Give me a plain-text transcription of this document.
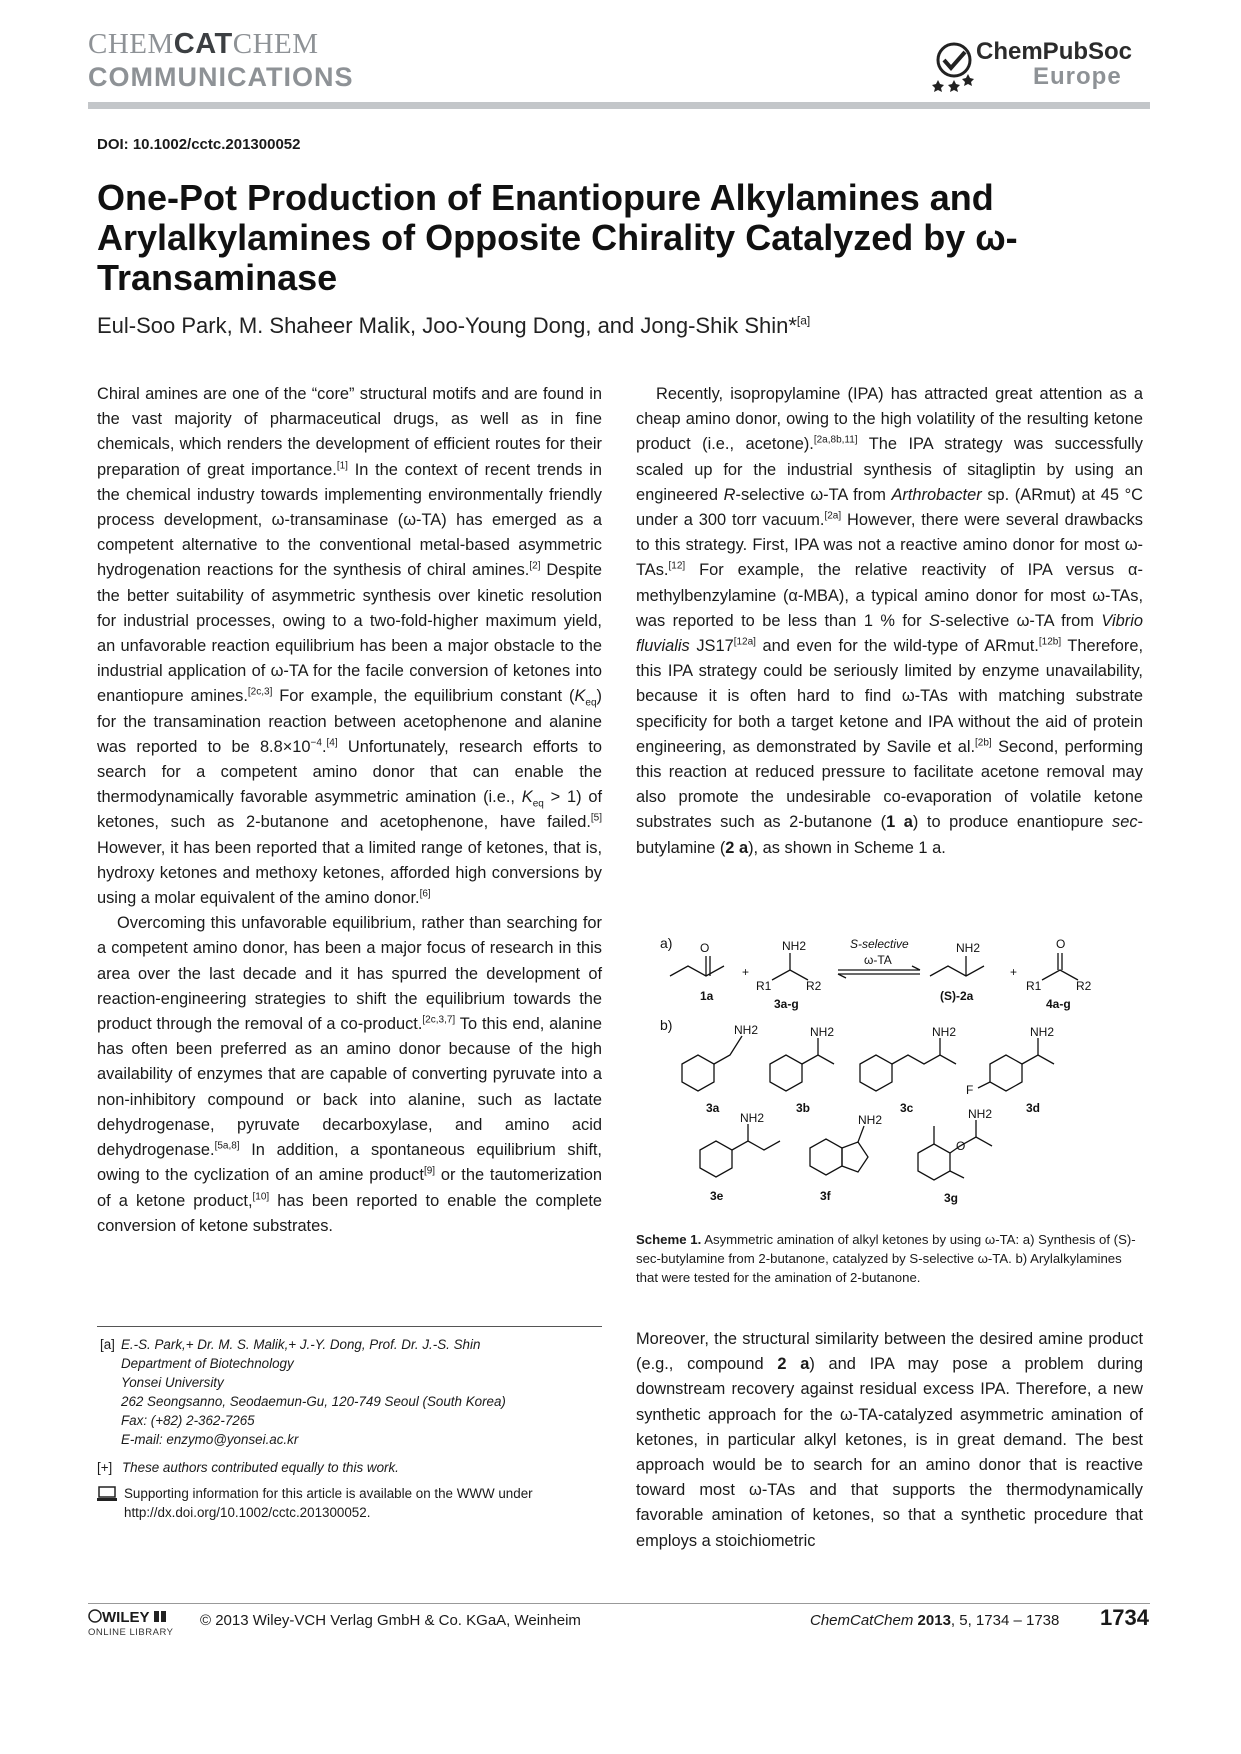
CHEMCATCHEM
COMMUNICATIONS
ChemPubSoc
Europe
DOI: 10.1002/cctc.201300052
One-Pot Production of Enantiopure Alkylamines and Arylalkylamines of Opposite Chirality Catalyzed by ω-Transaminase
Eul-Soo Park, M. Shaheer Malik, Joo-Young Dong, and Jong-Shik Shin*[a]

Chiral amines are one of the “core” structural motifs and are found in the vast majority of pharmaceutical drugs, as well as in fine chemicals, which renders the development of efficient routes for their preparation of great importance.[1] In the context of recent trends in the chemical industry towards implementing environmentally friendly process development, ω-transaminase (ω-TA) has emerged as a competent alternative to the conventional metal-based asymmetric hydrogenation reactions for the synthesis of chiral amines.[2] Despite the better suitability of asymmetric synthesis over kinetic resolution for industrial processes, owing to a two-fold-higher maximum yield, an unfavorable reaction equilibrium has been a major obstacle to the industrial application of ω-TA for the facile conversion of ketones into enantiopure amines.[2c,3] For example, the equilibrium constant $(K_{eq})$ for the transamination reaction between acetophenone and alanine was reported to be $8.8\times 10^{-4}.[4]$ Unfortunately, research efforts to search for a competent amino donor that can enable the thermodynamically favorable asymmetric amination (i.e., $K_{eq} > 1$) of ketones, such as 2-butanone and acetophenone, have failed.[5] However, it has been reported that a limited range of ketones, that is, hydroxy ketones and methoxy ketones, afforded high conversions by using a molar equivalent of the amino donor.[6]

Overcoming this unfavorable equilibrium, rather than searching for a competent amino donor, has been a major focus of research in this area over the last decade and it has spurred the development of reaction-engineering strategies to shift the equilibrium towards the product through the removal of a co-product.[2c,3,7] To this end, alanine has often been preferred as an amino donor because of the high availability of enzymes that are capable of converting pyruvate into a non-inhibitory compound or back into alanine, such as lactate dehydrogenase, pyruvate decarboxylase, and amino acid dehydrogenase.[5a,8] In addition, a spontaneous equilibrium shift, owing to the cyclization of an amine product[9] or the tautomerization of a ketone product,[10] has been reported to enable the complete conversion of ketone substrates.

Recently, isopropylamine (IPA) has attracted great attention as a cheap amino donor, owing to the high volatility of the resulting ketone product (i.e., acetone).[2a,8b,11] The IPA strategy was successfully scaled up for the industrial synthesis of sitagliptin by using an engineered R-selective ω-TA from Arthrobacter sp. (ARmut) at 45 °C under a 300 torr vacuum.[2a] However, there were several drawbacks to this strategy. First, IPA was not a reactive amino donor for most ω-TAs.[12] For example, the relative reactivity of IPA versus α-methylbenzylamine (α-MBA), a typical amino donor for most ω-TAs, was reported to be less than 1 % for S-selective ω-TA from Vibrio fluvialis JS17[12a] and even for the wild-type of ARmut.[12b] Therefore, this IPA strategy could be seriously limited by enzyme unavailability, because it is often hard to find ω-TAs with matching substrate specificity for both a target ketone and IPA without the aid of protein engineering, as demonstrated by Savile et al.[2b] Second, performing this reaction at reduced pressure to facilitate acetone removal may also promote the undesirable co-evaporation of volatile ketone substrates such as 2-butanone (1 a) to produce enantiopure sec-butylamine (2 a), as shown in Scheme 1 a.

a) O
1a
+
NH2
R1	R2
3a-g
S-selective
ω-TA
NH2
(S)-2a
+
O
R1	R2
4a-g
b)	NH2
3a
NH2
3b
NH2
3c
NH2
F
3d
NH2
3e
NH2
3f
O
NH2
3g
Scheme 1. Asymmetric amination of alkyl ketones by using ω-TA: a) Synthesis of (S)-sec-butylamine from 2-butanone, catalyzed by S-selective ω-TA. b) Arylalkylamines that were tested for the amination of 2-butanone.

Moreover, the structural similarity between the desired amine product (e.g., compound 2 a) and IPA may pose a problem during downstream recovery against residual excess IPA. Therefore, a new synthetic approach for the ω-TA-catalyzed asymmetric amination of ketones, in particular alkyl ketones, is in great demand. The best approach would be to search for an amino donor that is reactive toward most ω-TAs and that supports the thermodynamically favorable amination of ketones, so that a synthetic procedure that employs a stoichiometric

[a] E.-S. Park,+ Dr. M. S. Malik,+ J.-Y. Dong, Prof. Dr. J.-S. Shin
Department of Biotechnology
Yonsei University
262 Seongsanno, Seodaemun-Gu, 120-749 Seoul (South Korea)
Fax: (+82) 2-362-7265
E-mail: enzymo@yonsei.ac.kr
[+] These authors contributed equally to this work.
Supporting information for this article is available on the WWW under
http://dx.doi.org/10.1002/cctc.201300052.
WILEY
ONLINE LIBRARY
© 2013 Wiley-VCH Verlag GmbH & Co. KGaA, Weinheim	ChemCatChem 2013, 5, 1734 – 1738 1734
